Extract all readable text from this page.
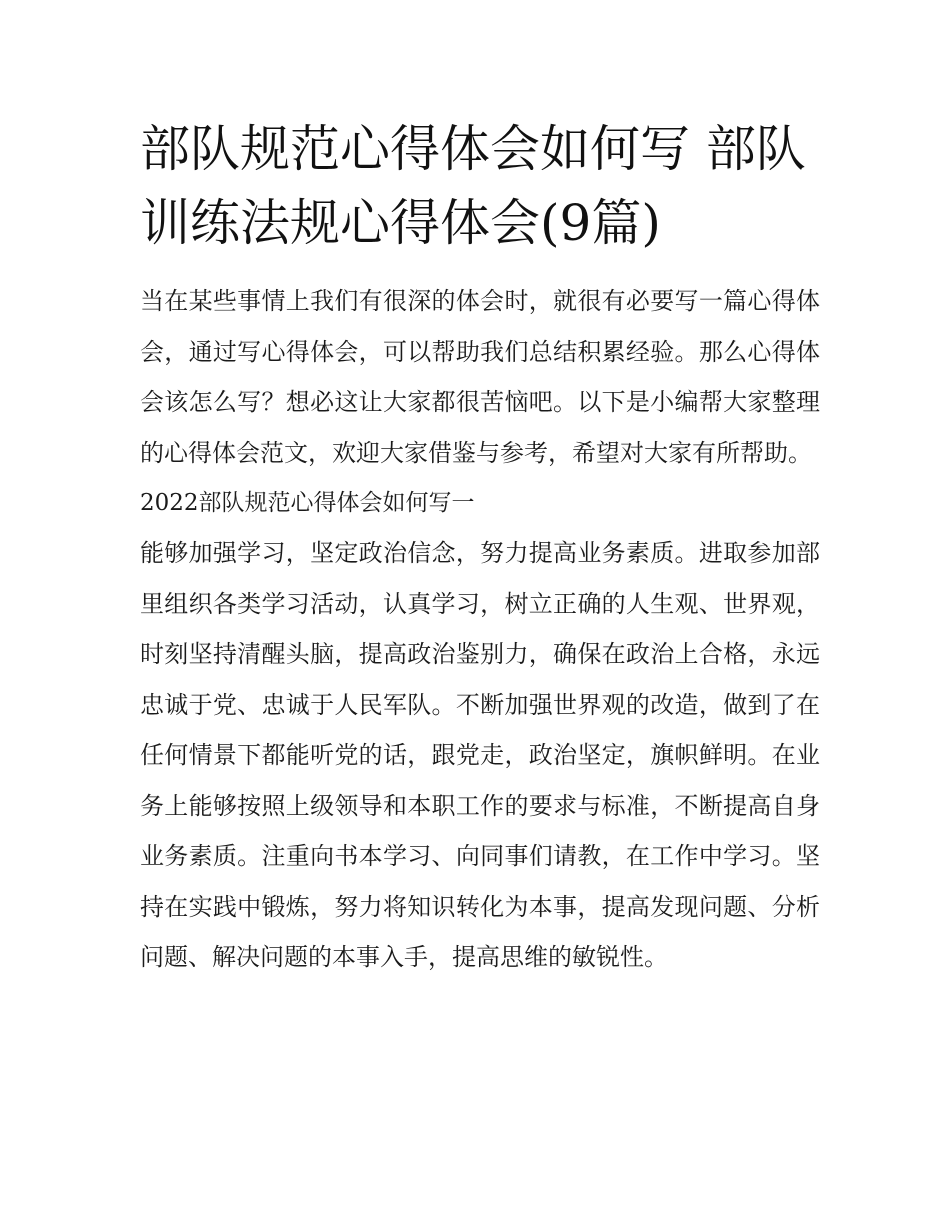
部队规范心得体会如何写 部队训练法规心得体会(9篇)

当在某些事情上我们有很深的体会时，就很有必要写一篇心得体会，通过写心得体会，可以帮助我们总结积累经验。那么心得体会该怎么写？想必这让大家都很苦恼吧。以下是小编帮大家整理的心得体会范文，欢迎大家借鉴与参考，希望对大家有所帮助。

2022部队规范心得体会如何写一

能够加强学习，坚定政治信念，努力提高业务素质。进取参加部里组织各类学习活动，认真学习，树立正确的人生观、世界观，时刻坚持清醒头脑，提高政治鉴别力，确保在政治上合格，永远忠诚于党、忠诚于人民军队。不断加强世界观的改造，做到了在任何情景下都能听党的话，跟党走，政治坚定，旗帜鲜明。在业务上能够按照上级领导和本职工作的要求与标准，不断提高自身业务素质。注重向书本学习、向同事们请教，在工作中学习。坚持在实践中锻炼，努力将知识转化为本事，提高发现问题、分析问题、解决问题的本事入手，提高思维的敏锐性。
